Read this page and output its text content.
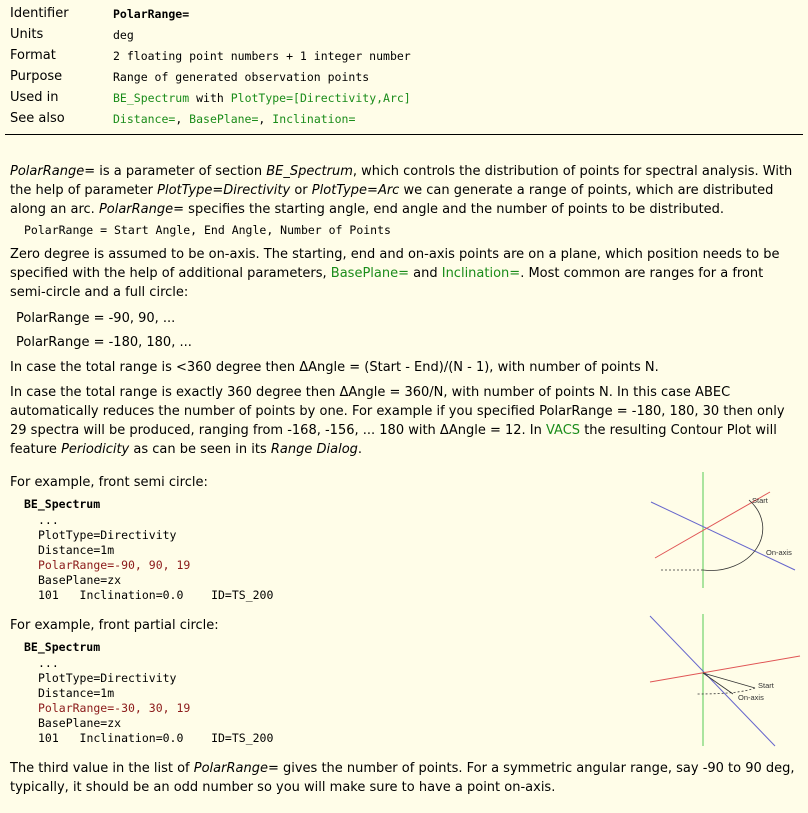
Identifier	PolarRange=
Units	deg
Format	2 floating point numbers + 1 integer number
Purpose	Range of generated observation points
Used in	BE_Spectrum with PlotType=[Directivity,Arc]
See also	Distance=, BasePlane=, Inclination=

PolarRange= is a parameter of section BE_Spectrum, which controls the distribution of points for spectral analysis. With the help of parameter PlotType=Directivity or PlotType=Arc we can generate a range of points, which are distributed along an arc. PolarRange= specifies the starting angle, end angle and the number of points to be distributed.

PolarRange = Start Angle, End Angle, Number of Points

Zero degree is assumed to be on-axis. The starting, end and on-axis points are on a plane, which position needs to be specified with the help of additional parameters, BasePlane= and Inclination=. Most common are ranges for a front semi-circle and a full circle:

PolarRange = -90, 90, ...

PolarRange = -180, 180, ...

In case the total range is <360 degree then ΔAngle = (Start - End)/(N - 1), with number of points N.

In case the total range is exactly 360 degree then ΔAngle = 360/N, with number of points N. In this case ABEC automatically reduces the number of points by one. For example if you specified PolarRange = -180, 180, 30 then only 29 spectra will be produced, ranging from -168, -156, ... 180 with ΔAngle = 12. In VACS the resulting Contour Plot will feature Periodicity as can be seen in its Range Dialog.

For example, front semi circle:

BE_Spectrum
...
PlotType=Directivity
Distance=1m
PolarRange=-90, 90, 19
BasePlane=zx
101   Inclination=0.0    ID=TS_200
Start
On-axis

For example, front partial circle:

BE_Spectrum
...
PlotType=Directivity
Distance=1m
PolarRange=-30, 30, 19
BasePlane=zx
101   Inclination=0.0    ID=TS_200
Start
On-axis

The third value in the list of PolarRange= gives the number of points. For a symmetric angular range, say -90 to 90 deg, typically, it should be an odd number so you will make sure to have a point on-axis.
